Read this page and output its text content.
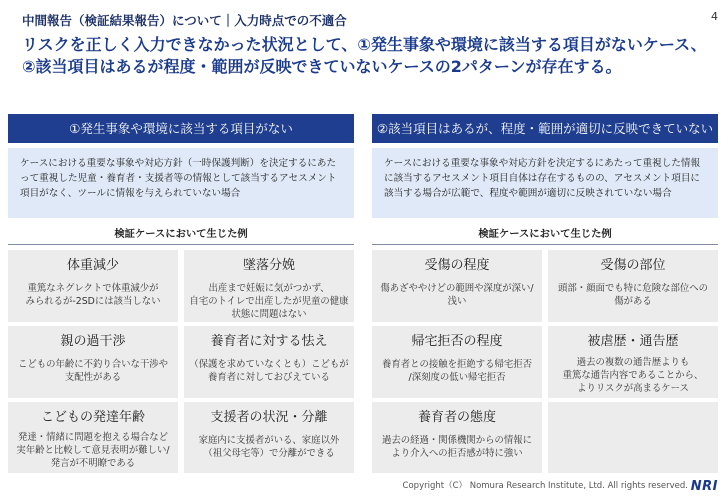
4
中間報告（検証結果報告）について｜入力時点での不適合
リスクを正しく入力できなかった状況として、①発生事象や環境に該当する項目がないケース、
②該当項目はあるが程度・範囲が反映できていないケースの2パターンが存在する。
①発生事象や環境に該当する項目がない
ケースにおける重要な事象や対応方針（一時保護判断）を決定するにあたって重視した児童・養育者・支援者等の情報として該当するアセスメント項目がなく、ツールに情報を与えられていない場合
検証ケースにおいて生じた例
体重減少
重篤なネグレクトで体重減少が
みられるが-2SDには該当しない
墜落分娩
出産まで妊娠に気がつかず、
自宅のトイレで出産したが児童の健康
状態に問題はない
親の過干渉
こどもの年齢に不釣り合いな干渉や
支配性がある
養育者に対する怯え
（保護を求めていなくとも）こどもが
養育者に対しておびえている
こどもの発達年齢
発達・情緒に問題を抱える場合など
実年齢と比較して意見表明が難しい/
発言が不明瞭である
支援者の状況・分離
家庭内に支援者がいる、家庭以外
（祖父母宅等）で分離ができる
②該当項目はあるが、程度・範囲が適切に反映できていない
ケースにおける重要な事象や対応方針を決定するにあたって重視した情報に該当するアセスメント項目自体は存在するものの、アセスメント項目に該当する場合が広範で、程度や範囲が適切に反映されていない場合
検証ケースにおいて生じた例
受傷の程度
傷あざややけどの範囲や深度が深い/
浅い
受傷の部位
頭部・顔面でも特に危険な部位への
傷がある
帰宅拒否の程度
養育者との接触を拒絶する帰宅拒否
/深刻度の低い帰宅拒否
被虐歴・通告歴
過去の複数の通告歴よりも
重篤な通告内容であることから、
よりリスクが高まるケース
養育者の態度
過去の経過・関係機関からの情報に
より介入への拒否感が特に強い
Copyright（C） Nomura Research Institute, Ltd. All rights reserved. NRI
